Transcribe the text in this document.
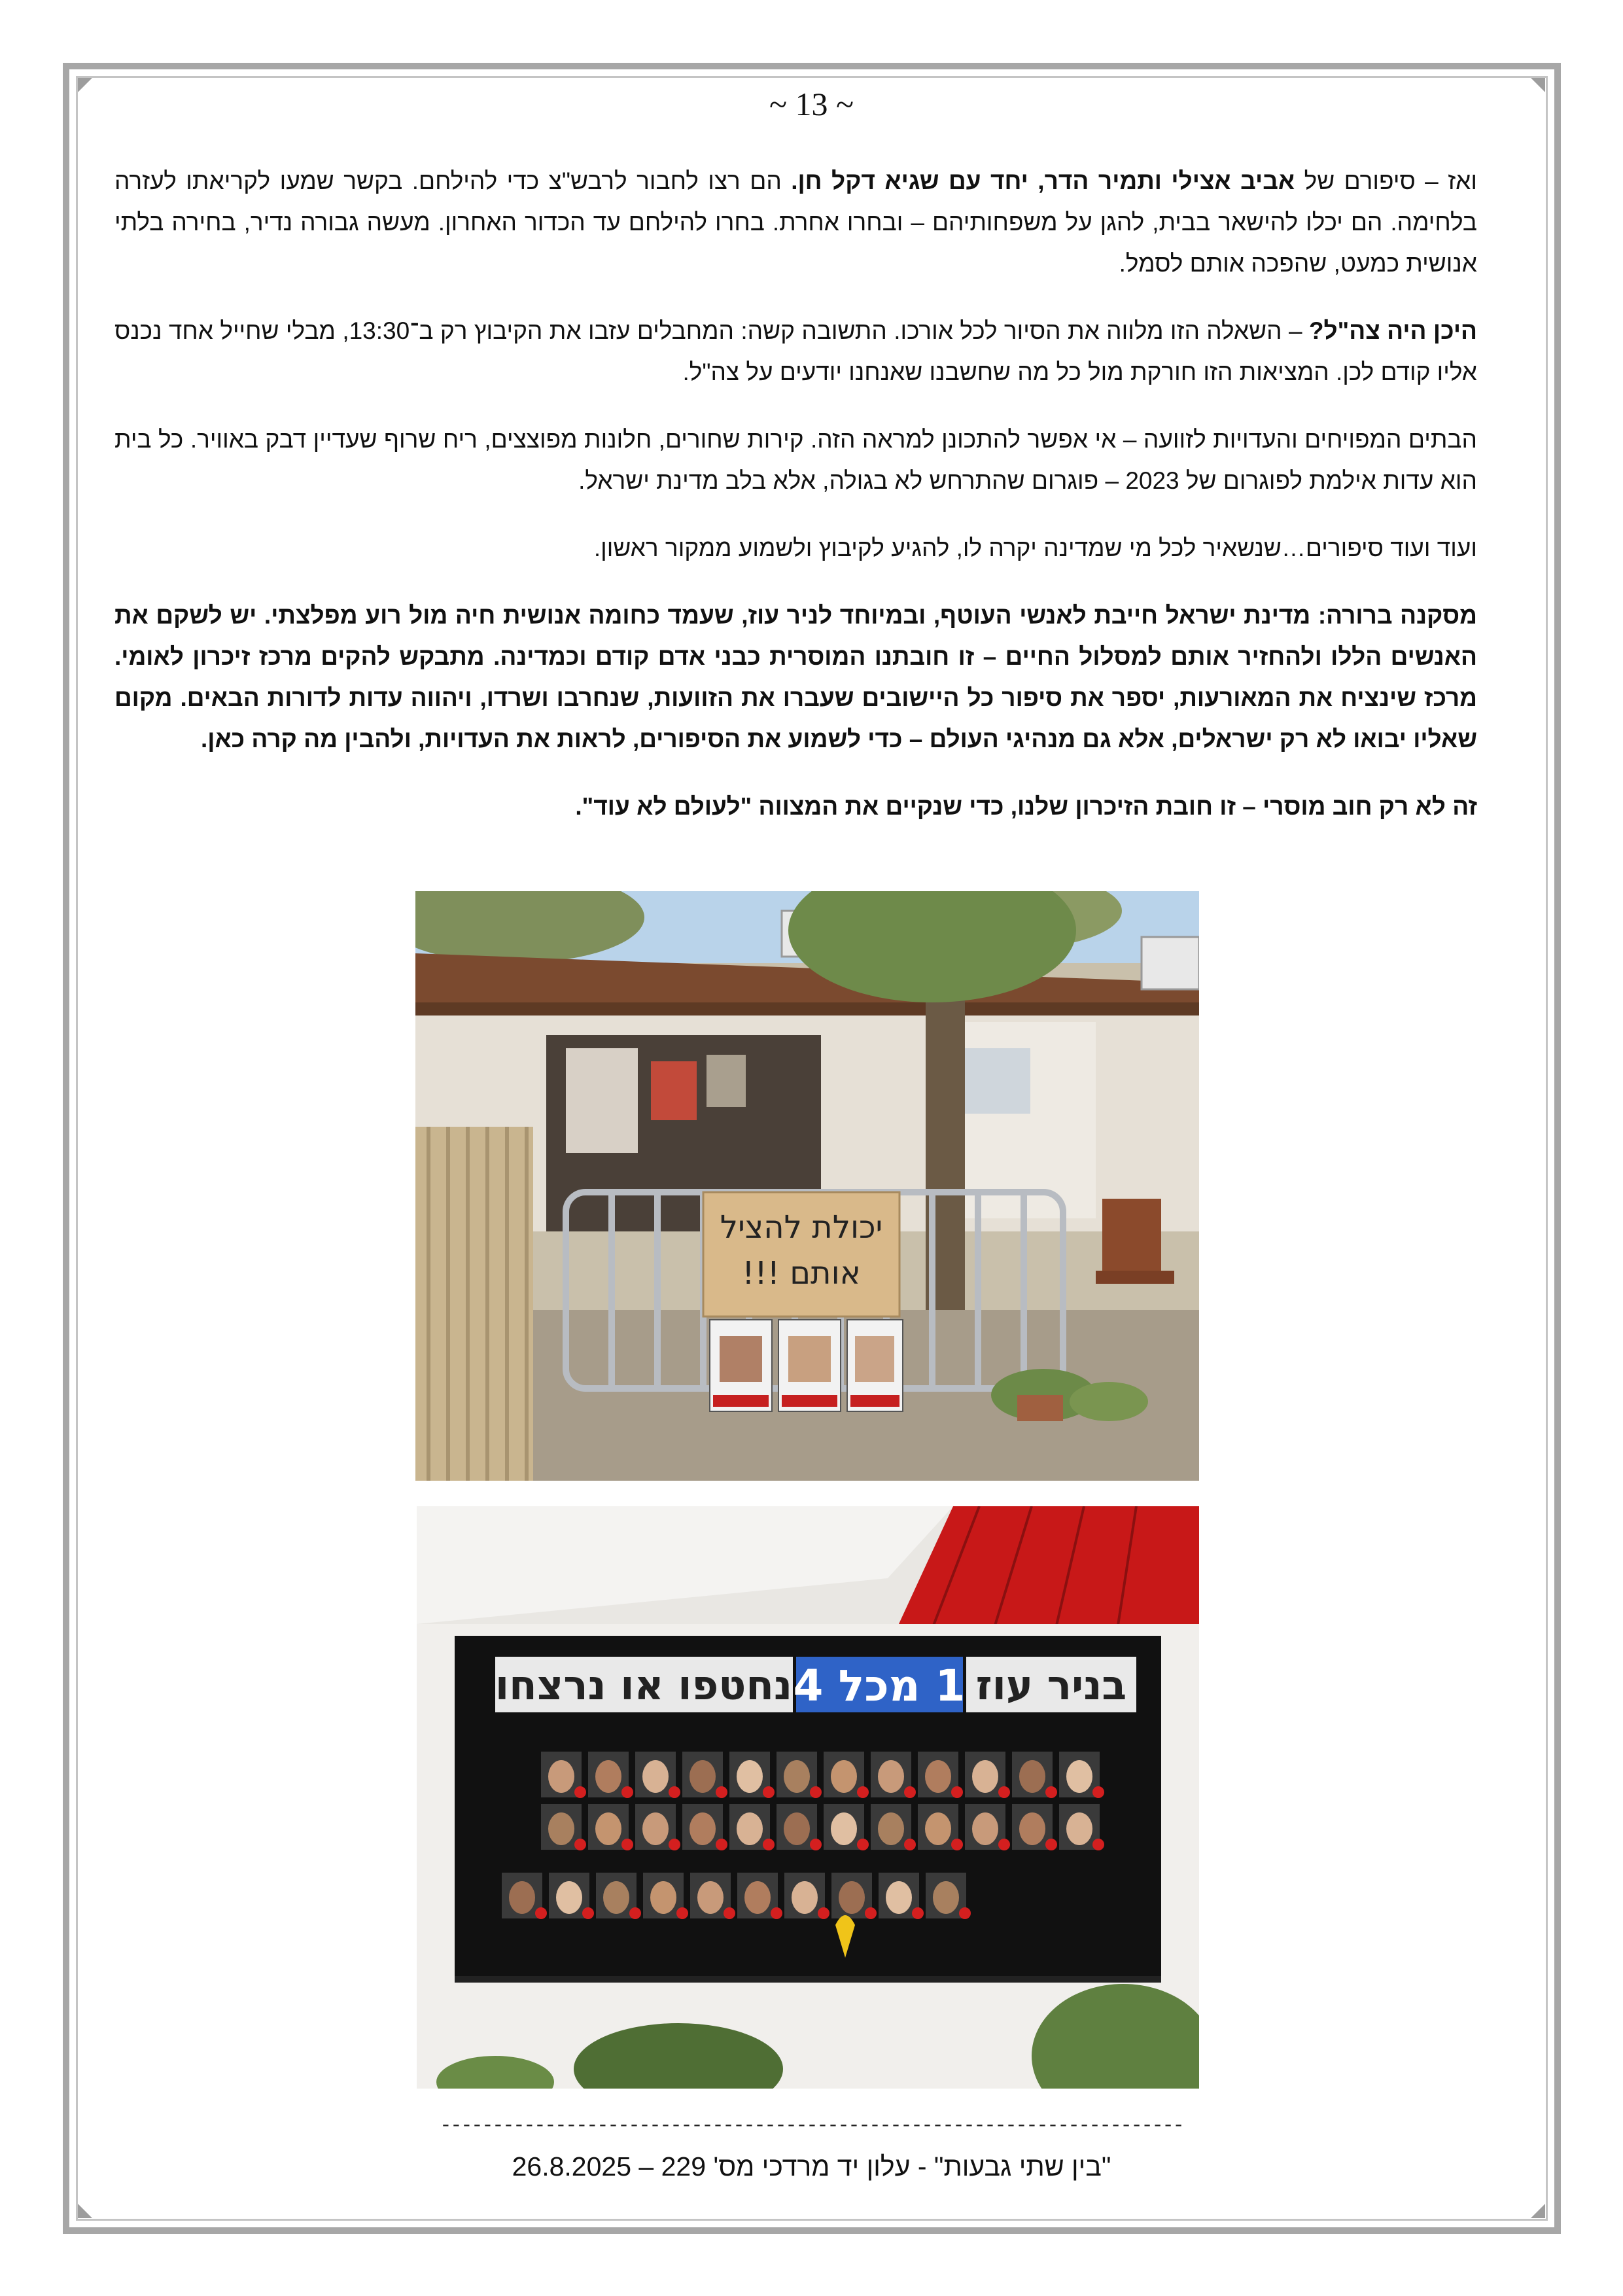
~ 13 ~

ואז – סיפורם של אביב אצילי ותמיר הדר, יחד עם שגיא דקל חן. הם רצו לחבור לרבש"צ כדי להילחם. בקשר שמעו לקריאתו לעזרה בלחימה. הם יכלו להישאר בבית, להגן על משפחותיהם – ובחרו אחרת. בחרו להילחם עד הכדור האחרון. מעשה גבורה נדיר, בחירה בלתי אנושית כמעט, שהפכה אותם לסמל.

היכן היה צה"ל? – השאלה הזו מלווה את הסיור לכל אורכו. התשובה קשה: המחבלים עזבו את הקיבוץ רק ב־13:30, מבלי שחייל אחד נכנס אליו קודם לכן. המציאות הזו חורקת מול כל מה שחשבנו שאנחנו יודעים על צה"ל.

הבתים המפויחים והעדויות לזוועה – אי אפשר להתכונן למראה הזה. קירות שחורים, חלונות מפוצצים, ריח שרוף שעדיין דבק באוויר. כל בית הוא עדות אילמת לפוגרום של 2023 – פוגרום שהתרחש לא בגולה, אלא בלב מדינת ישראל.

ועוד ועוד סיפורים…שנשאיר לכל מי שמדינה יקרה לו, להגיע לקיבוץ ולשמוע ממקור ראשון.

מסקנה ברורה: מדינת ישראל חייבת לאנשי העוטף, ובמיוחד לניר עוז, שעמד כחומה אנושית חיה מול רוע מפלצתי. יש לשקם את האנשים הללו ולהחזיר אותם למסלול החיים – זו חובתנו המוסרית כבני אדם קודם וכמדינה. מתבקש להקים מרכז זיכרון לאומי. מרכז שינציח את המאורעות, יספר את סיפור כל היישובים שעברו את הזוועות, שנחרבו ושרדו, ויהווה עדות לדורות הבאים. מקום שאליו יבואו לא רק ישראלים, אלא גם מנהיגי העולם – כדי לשמוע את הסיפורים, לראות את העדויות, ולהבין מה קרה כאן.

זה לא רק חוב מוסרי – זו חובת הזיכרון שלנו, כדי שנקיים את המצווה "לעולם לא עוד".

יכולת להציל
אותם !!!
נחטפו או נרצחו 1 מכל 4 בניר עוז
-----------------------------------------------------------------------
"בין שתי גבעות" - עלון יד מרדכי מס' 229 – 26.8.2025
